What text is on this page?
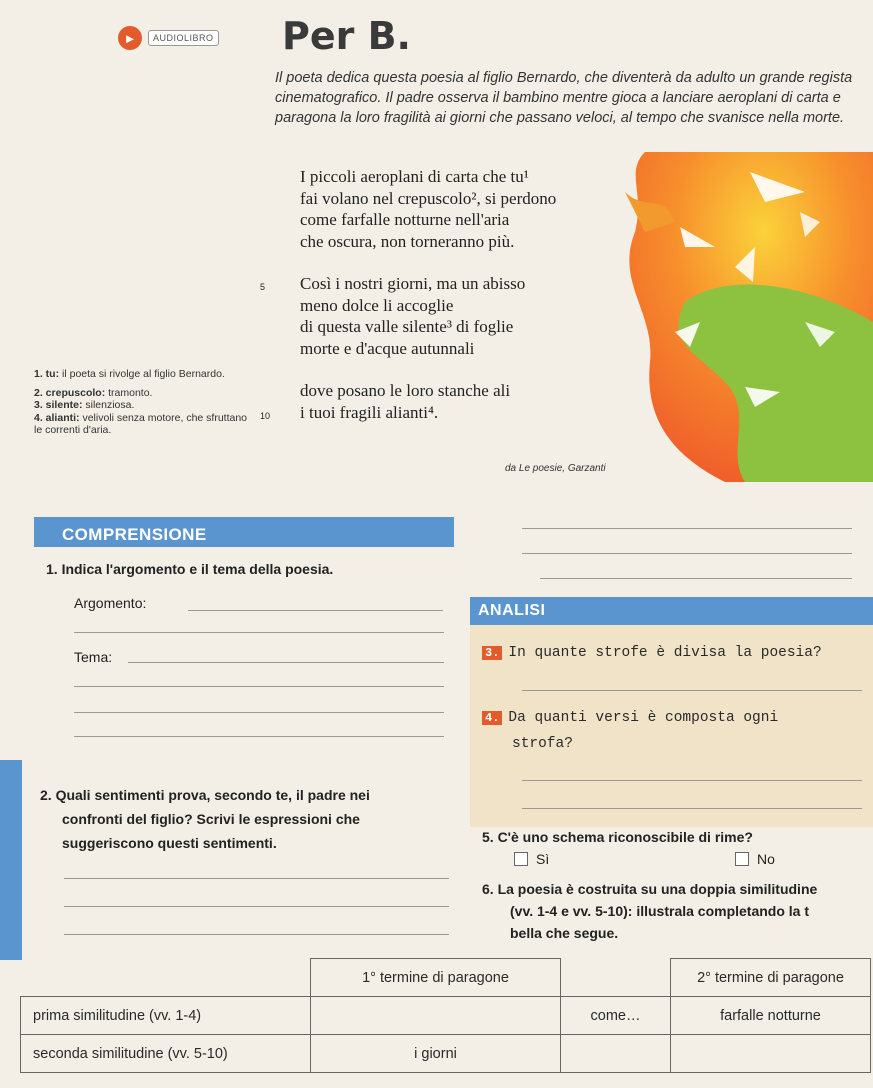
►	AUDIOLIBRO Per B.
Il poeta dedica questa poesia al figlio Bernardo, che diventerà da adulto un grande regista cinematografico. Il padre osserva il bambino mentre gioca a lanciare aeroplani di carta e paragona la loro fragilità ai giorni che passano veloci, al tempo che svanisce nella morte.
I piccoli aeroplani di carta che tu¹
fai volano nel crepuscolo², si perdono
come farfalle notturne nell'aria
che oscura, non torneranno più.
5 Così i nostri giorni, ma un abisso
meno dolce li accoglie
di questa valle silente³ di foglie
morte e d'acque autunnali
dove posano le loro stanche ali
10 i tuoi fragili alianti⁴.
da Le poesie, Garzanti
1. tu: il poeta si rivolge al figlio Bernardo.
2. crepuscolo: tramonto.
3. silente: silenziosa.
4. alianti: velivoli senza motore, che sfruttano le correnti d'aria.
COMPRENSIONE
1. Indica l'argomento e il tema della poesia.
Argomento:
Tema:
2. Quali sentimenti prova, secondo te, il padre nei
confronti del figlio? Scrivi le espressioni che
suggeriscono questi sentimenti.
ANALISI
3. In quante strofe è divisa la poesia?
4. Da quanti versi è composta ogni
strofa?
5. C'è uno schema riconoscibile di rime?
Sì	No
6. La poesia è costruita su una doppia similitudine
(vv. 1-4 e vv. 5-10): illustrala completando la t
bella che segue.
	1° termine di paragone		2° termine di paragone
prima similitudine (vv. 1-4)		come…	farfalle notturne
seconda similitudine (vv. 5-10)	i giorni		
